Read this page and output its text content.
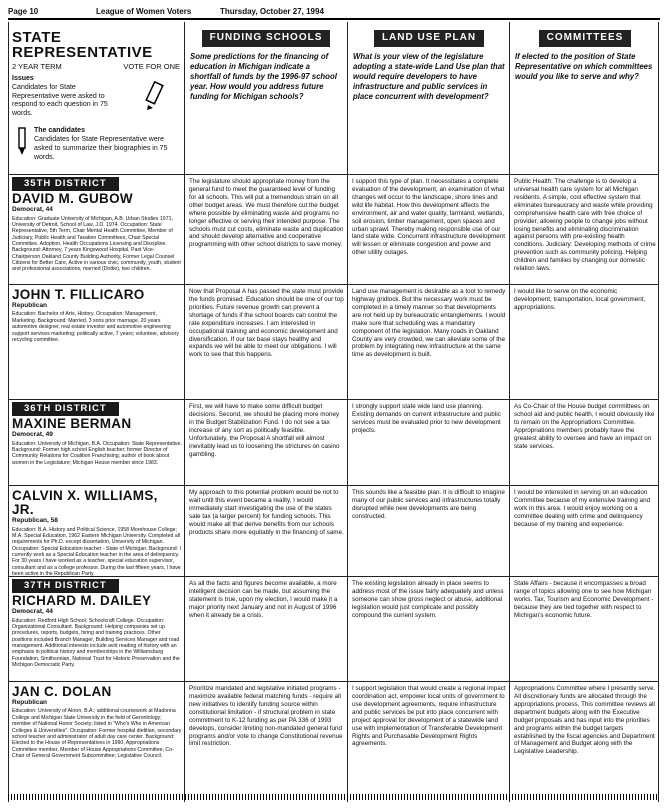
Page 10	League of Women Voters	Thursday, October 27, 1994
STATE REPRESENTATIVE
2 YEAR TERM	VOTE FOR ONE
Issues
Candidates for State Representative were asked to respond to each question in 75 words.
The candidates
Candidates for State Representative were asked to summarize their biographies in 75 words.
FUNDING SCHOOLS
Some predictions for the financing of education in Michigan indicate a shortfall of funds by the 1996-97 school year. How would you address future funding for Michigan schools?
LAND USE PLAN
What is your view of the legislature adopting a state-wide Land Use plan that would require developers to have infrastructure and public services in place concurrent with development?
COMMITTEES
If elected to the position of State Representative on which committees would you like to serve and why?
35TH DISTRICT
DAVID M. GUBOW
Democrat, 44
Education: Graduate University of Michigan, A.B. Urban Studies 1971, University of Detroit, School of Law, J.D. 1974. Occupation: State Representative, 5th Term, Chair Mental Health Committee, Member of Judiciary, Public Health and Taxation Committees, Chair Special Committee. Adoption, Health Occupations Licensing and Discipline. Background: Attorney, 7 years Kingswood Hospital, Past Vice-Chairperson Oakland County Building Authority, Former Legal Counsel Citizens for Better Care, Active in various civic, community, youth, student and professional associations, married (Dottie), two children.
The legislature should appropriate money from the general fund to meet the guaranteed level of funding for all schools. This will put a tremendous strain on all other budget areas. We must therefore cut the budget where possible by eliminating waste and programs no longer effective or serving their intended purpose. The schools must cut costs, eliminate waste and duplication and should develop alternative and cooperative programming with other school districts to save money.
I support this type of plan. It necessitates a complete evaluation of the development, an examination of what changes will occur to the landscape, shore lines and wild life habitat. How this development affects the environment, air and water quality, farmland, wetlands, soil erosion, timber management, open spaces and urban sprawl. Thereby making responsible use of our land state wide. Concurrent infrastructure development will lessen or eliminate congestion and power and other utility outages.
Public Health: The challenge is to develop a universal health care system for all Michigan residents. A simple, cost effective system that eliminates bureaucracy and waste while providing comprehensive health care with free choice of provider, allowing people to change jobs without losing benefits and eliminating discrimination against persons with pre-existing health conditions. Judiciary: Developing methods of crime prevention such as community policing. Helping children and families by changing our domestic relation laws.
JOHN T. FILLICARO
Republican
Education: Bachelor of Arts, History. Occupation: Management, Marketing. Background: Married, 3 sons prior marriage, 20 years automotive designer, real estate investor and automotive engineering support services marketing; politically active, 7 years; volunteer, advisory recycling committee.
Now that Proposal A has passed the state must provide the funds promised. Education should be one of our top priorities. Future revenue growth can prevent a shortage of funds if the school boards can control the rate expenditure increases. I am interested in occupational training and economic development and diversification. If our tax base stays healthy and expands we will be able to meet our obligations. I will work to see that this happens.
Land use management is desirable as a tool to remedy highway gridlock. But the necessary work must be completed in a timely manner so that developments are not held up by bureaucratic entanglements. I would make sure that scheduling was a mandatory component of the legislation. Many roads in Oakland County are very crowded, we can alleviate some of the problem by integrating new infrastructure at the same time as development is built.
I would like to serve on the economic development, transportation, local government, appropriations.
36TH DISTRICT
MAXINE BERMAN
Democrat, 49
Education: University of Michigan, B.A. Occupation: State Representative. Background: Former high school English teacher; former Director of Community Relations for Coalition Franchising; author of book about women in the Legislature; Michigan House member since 1983.
First, we will have to make some difficult budget decisions. Second, we should be placing more money in the Budget Stabilization Fund. I do not see a tax increase of any sort as politically feasible. Unfortunately, the Proposal A shortfall will almost inevitably lead us to loosening the strictures on casino gambling.
I strongly support state wide land use planning. Existing demands on current infrastructure and public services must be evaluated prior to new development projects.
As Co-Chair of the House budget committees on school aid and public health, I would obviously like to remain on the Appropriations Committee. Appropriations members probably have the greatest ability to oversee and have an impact on state services.
CALVIN X. WILLIAMS, JR.
Republican, 58
Education: B.A. History and Political Science, 1958 Morehouse College; M.A. Special Education, 1962 Eastern Michigan University. Completed all requirements for Ph.D. except dissertation, University of Michigan. Occupation: Special Education teacher - State of Michigan. Background: I currently work as a Special Education teacher in the area of delinquency. For 30 years I have worked as a teacher, special education supervisor, consultant and as a college professor. During the last fifteen years, I have been active in the Republican Party.
My approach to this potential problem would be not to wait until this event became a reality. I would immediately start investigating the use of the states sale tax (a larger percent) for funding schools. This would make all that derive benefits from our schools products share more equitably in the financing of same.
This sounds like a feasible plan. It is difficult to imagine many of our public services and infrastructures totally disrupted while new developments are being constructed.
I would be interested in serving on an education Committee because of my extensive training and work in this area. I would enjoy working on a committee dealing with crime and delinquency because of my training and experience.
37TH DISTRICT
RICHARD M. DAILEY
Democrat, 44
Education: Redford High School, Schoolcraft College. Occupation: Organizational Consultant. Background: Helping companies set up procedures, reports, budgets, hiring and training practices. Other positions included Branch Manager, Building Services Manager and road management. Additional interests include avid reading of history with an emphasis in political history and memberships in the Williamsburg Foundation, Smithsonian, National Trust for Historic Preservation and the Michigan Democratic Party.
As all the facts and figures become available, a more intelligent decision can be made, but assuming the statement is true, upon my election, I would make it a major priority next January and not in August of 1996 when it already be a crisis.
The existing legislation already in place seems to address most of the issue fairly adequately and unless someone can show gross neglect or abuse, additional legislation would just complicate and possibly compound the current system.
State Affairs - because it encompasses a broad range of topics allowing one to see how Michigan works. Tax, Tourism and Economic Development - because they are tied together with respect to Michigan's economic future.
JAN C. DOLAN
Republican
Education: University of Akron, B.A.; additional coursework at Madonna College and Michigan State University in the field of Gerontology; member of National Honor Society; listed in "Who's Who in American Colleges & Universities". Occupation: Former hospital dietitian, secondary school teacher and administrator of adult day care center. Background: Elected to the House of Representatives in 1990, Appropriations Committee member, Member of House Appropriations Committee; Co-Chair of General Government Subcommittee; Legislative Council.
Prioritize mandated and legislative initiated programs - maximize available federal matching funds - require all new initiatives to identify funding source within constitutional limitation - if structural problem in state commitment to K-12 funding as per PA 336 of 1993 develops, consider limiting non-mandated general fund programs and/or vote to change Constitutional revenue limit restriction.
I support legislation that would create a regional impact coordination act, empower local units of government to use development agreements, require infrastructure and public services be put into place concurrent with project approval for development of a statewide land use with implementation of Transferable Development Rights and Purchasable Development Rights agreements.
Appropriations Committee where I presently serve. All discretionary funds are allocated through the appropriations process. This committee reviews all department budgets along with the Executive budget proposals and has input into the priorities and programs within the budget targets established by the fiscal agencies and Department of Management and Budget along with the Legislative Leadership.
